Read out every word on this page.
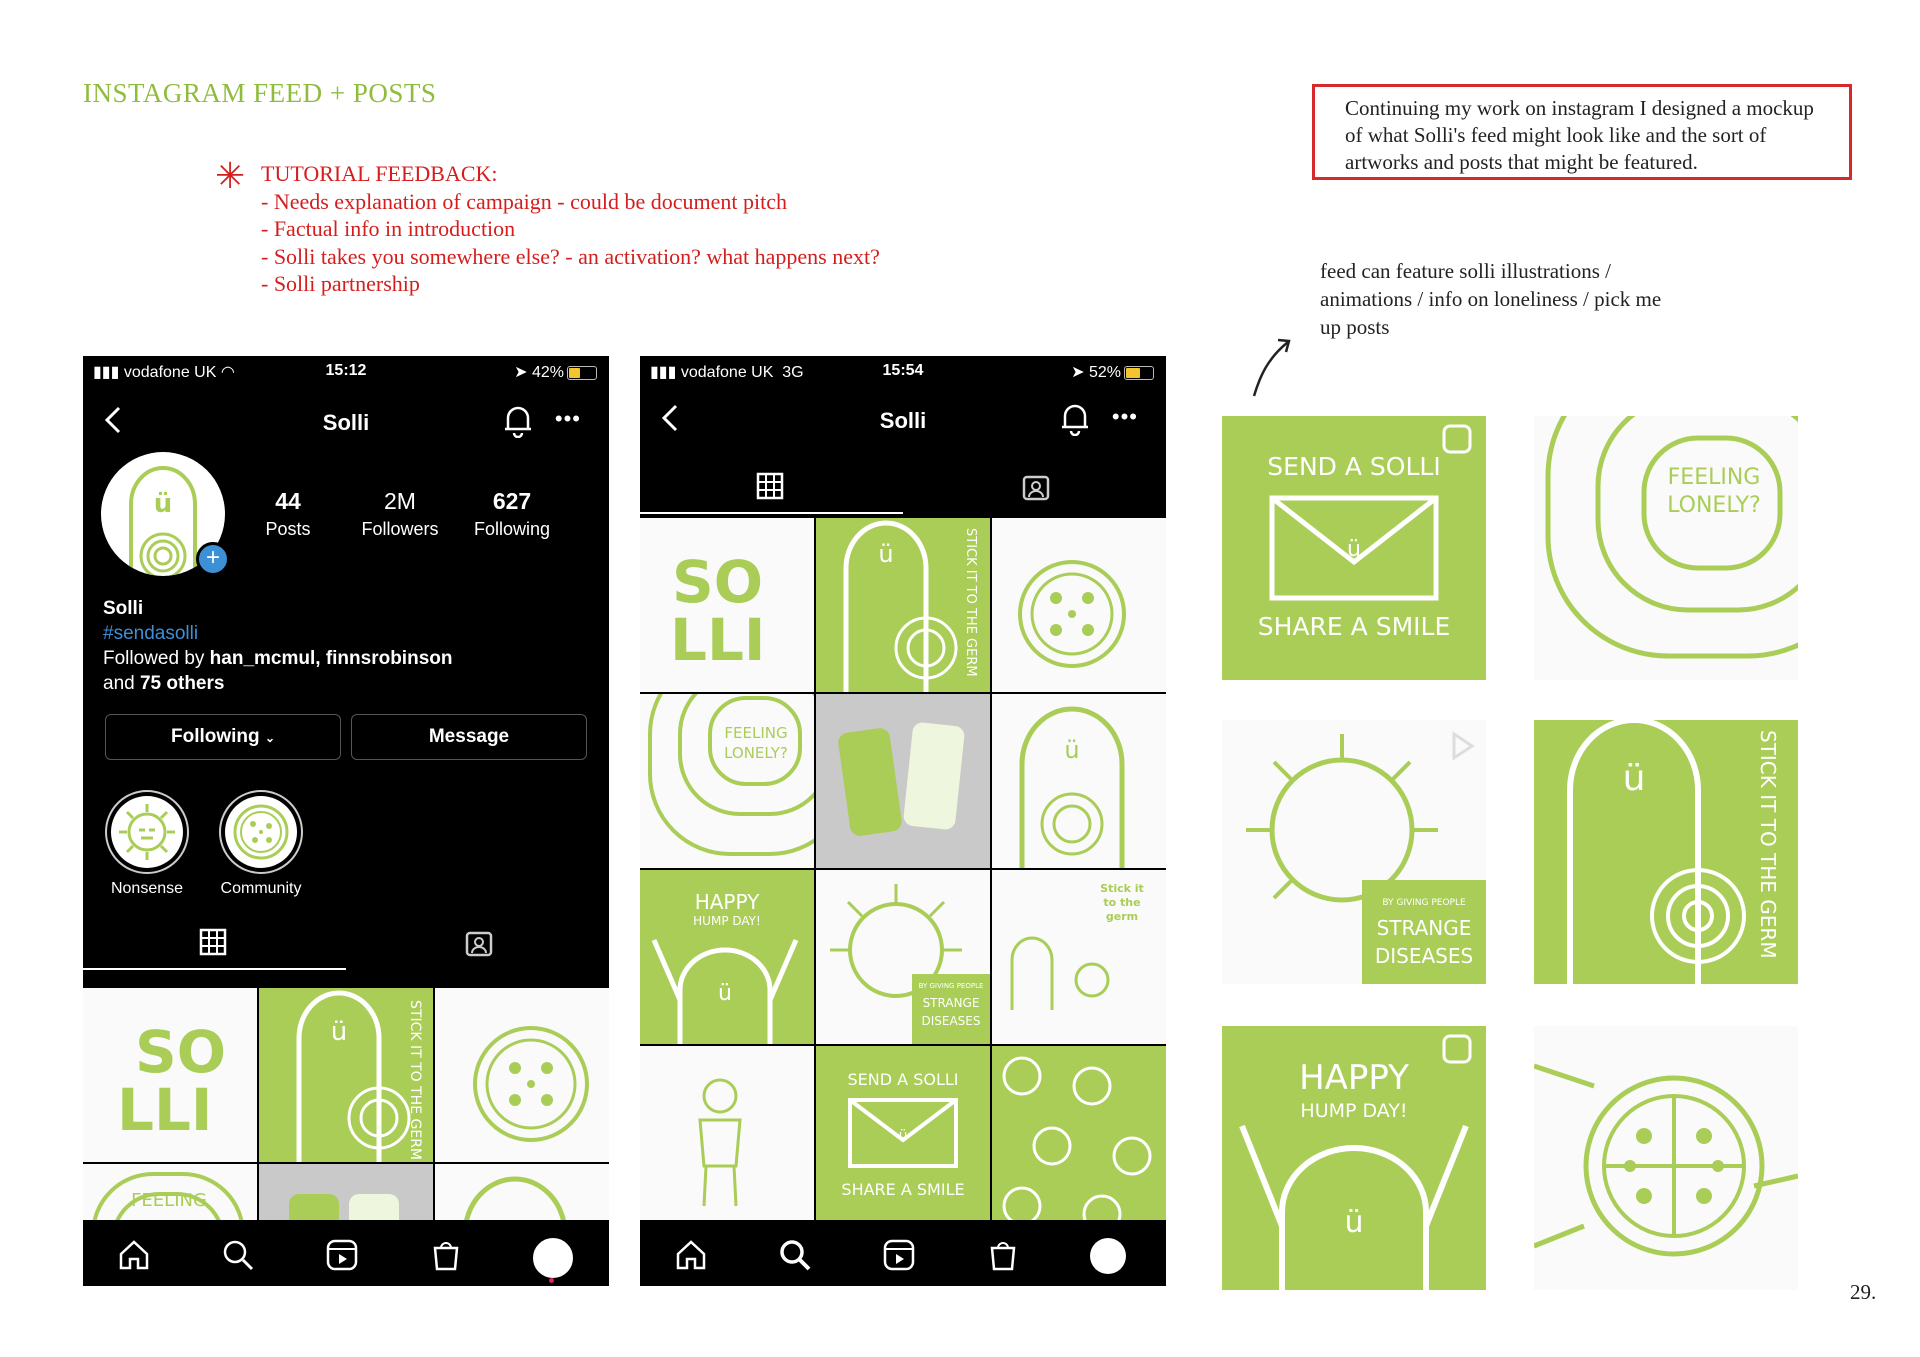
INSTAGRAM FEED + POSTS
✳ TUTORIAL FEEDBACK:
- Needs explanation of campaign - could be document pitch
- Factual info in introduction
- Solli takes you somewhere else? - an activation? what happens next?
- Solli partnership
Continuing my work on instagram I designed a mockup of what Solli's feed might look like and the sort of artworks and posts that might be featured.
feed can feature solli illustrations / animations / info on loneliness / pick me up posts
29.
▮▮▮ vodafone UK ◠	15:12	➤ 42%
Solli	•••
ü
+
44
Posts
2M
Followers
627
Following
Solli
#sendasolli
Followed by han_mcmul, finnsrobinson
and 75 others
Following ⌄	Message
Nonsense	Community
SO
LLI
ü	STICK IT TO THE GERM
FEELING
▮▮▮ vodafone UK 3G	15:54	➤ 52%
Solli	•••
SO
LLI
ü	STICK IT TO THE GERM
FEELING
LONELY?	ü
ü
HAPPY
HUMP DAY!
BY GIVING PEOPLE
STRANGE
DISEASES
Stick it
to the
germ
ü
SEND A SOLLI
SHARE A SMILE
ü
SEND A SOLLI
SHARE A SMILE
FEELING
LONELY?
BY GIVING PEOPLE
STRANGE
DISEASES
ü	STICK IT TO THE GERM
ü
HAPPY
HUMP DAY!
